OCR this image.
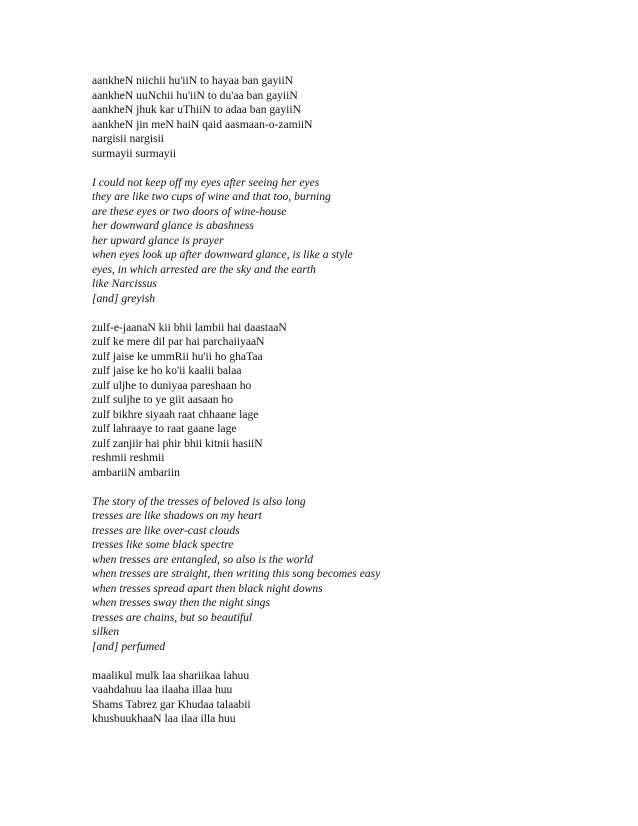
aankheN niichii hu'iiN to hayaa ban gayiiN
aankheN uuNchii hu'iiN to du'aa ban gayiiN
aankheN jhuk kar uThiiN to adaa ban gayiiN
aankheN jin meN haiN qaid aasmaan-o-zamiiN
nargisii nargisii
surmayii surmayii
I could not keep off my eyes after seeing her eyes
they are like two cups of wine and that too, burning
are these eyes or two doors of wine-house
her downward glance is abashness
her upward glance is prayer
when eyes look up after downward glance, is like a style
eyes, in which arrested are the sky and the earth
like Narcissus
[and] greyish
zulf-e-jaanaN kii bhii lambii hai daastaaN
zulf ke mere dil par hai parchaiiyaaN
zulf jaise ke ummRii hu'ii ho ghaTaa
zulf jaise ke ho ko'ii kaalii balaa
zulf uljhe to duniyaa pareshaan ho
zulf suljhe to ye giit aasaan ho
zulf bikhre siyaah raat chhaane lage
zulf lahraaye to raat gaane lage
zulf zanjiir hai phir bhii kitnii hasiiN
reshmii reshmii
ambariiN ambariin
The story of the tresses of beloved is also long
tresses are like shadows on my heart
tresses are like over-cast clouds
tresses like some black spectre
when tresses are entangled, so also is the world
when tresses are straight, then writing this song becomes easy
when tresses spread apart then black night downs
when tresses sway then the night sings
tresses are chains, but so beautiful
silken
[and] perfumed
maalikul mulk laa shariikaa lahuu
vaahdahuu laa ilaaha illaa huu
Shams Tabrez gar Khudaa talaabii
khusbuukhaaN laa ilaa illa huu
